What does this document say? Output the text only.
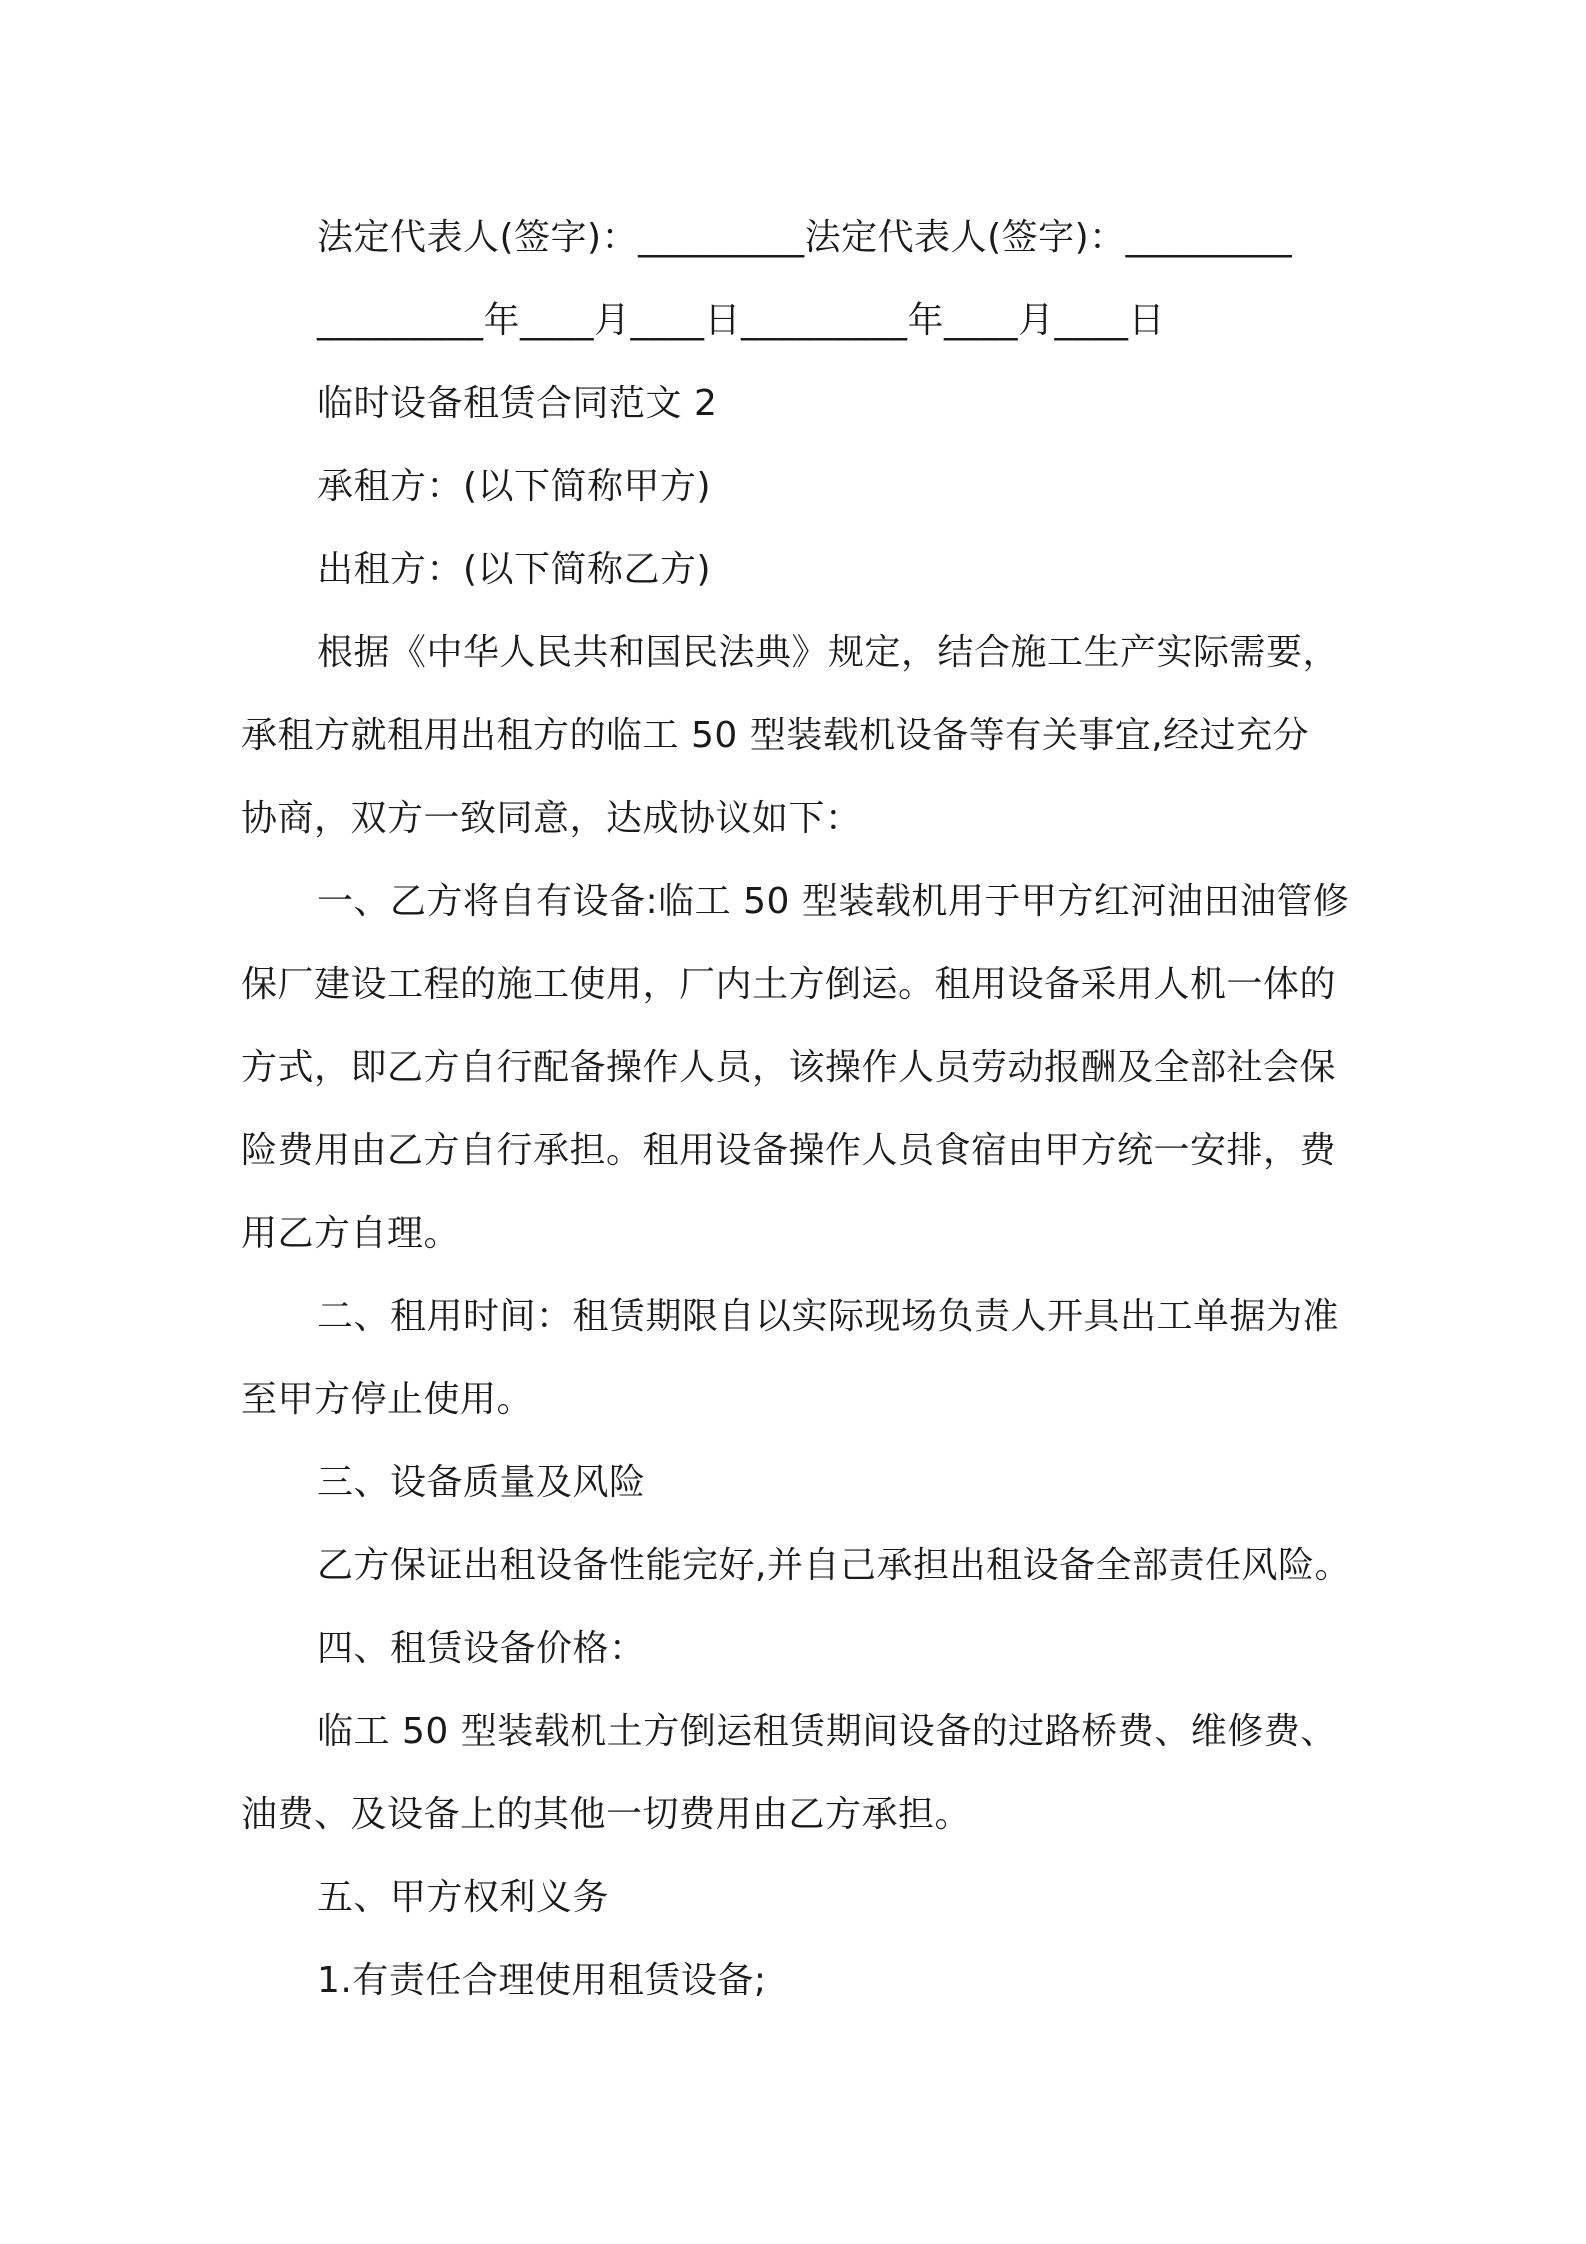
法定代表人(签字)：_________法定代表人(签字)：_________
_________年____月____日_________年____月____日
临时设备租赁合同范文 2
承租方：(以下简称甲方)
出租方：(以下简称乙方)
根据《中华人民共和国民法典》规定，结合施工生产实际需要，
承租方就租用出租方的临工 50 型装载机设备等有关事宜,经过充分
协商，双方一致同意，达成协议如下：
一、乙方将自有设备:临工 50 型装载机用于甲方红河油田油管修
保厂建设工程的施工使用，厂内土方倒运。租用设备采用人机一体的
方式，即乙方自行配备操作人员，该操作人员劳动报酬及全部社会保
险费用由乙方自行承担。租用设备操作人员食宿由甲方统一安排，费
用乙方自理。
二、租用时间：租赁期限自以实际现场负责人开具出工单据为准
至甲方停止使用。
三、设备质量及风险
乙方保证出租设备性能完好,并自己承担出租设备全部责任风险。
四、租赁设备价格：
临工 50 型装载机土方倒运租赁期间设备的过路桥费、维修费、
油费、及设备上的其他一切费用由乙方承担。
五、甲方权利义务
1.有责任合理使用租赁设备;
